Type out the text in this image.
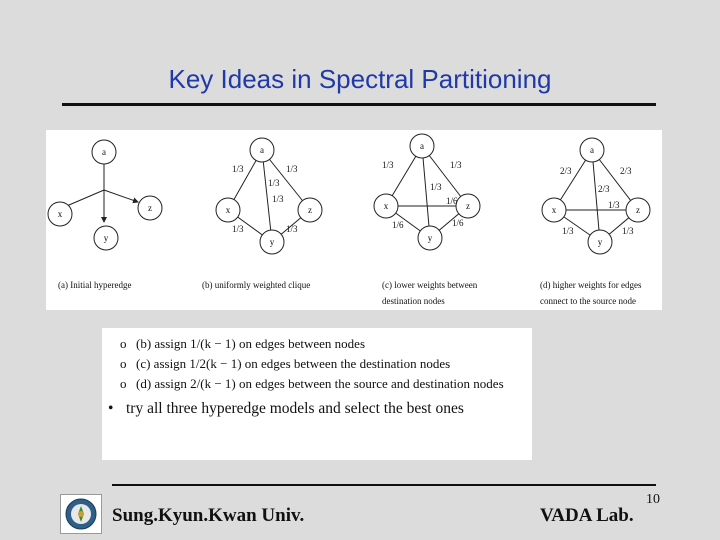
Key Ideas in Spectral Partitioning
a
x
y
z
(a) Initial hyperedge
a
x
y
z
1/3	1/3
1/3
1/3
1/3	1/3
(b) uniformly weighted clique
a
x
y
z
1/3	1/3
1/3
1/6
1/6	1/6
(c) lower weights between
destination nodes
a
x
y
z
2/3	2/3
2/3
1/3
1/3	1/3
(d) higher weights for edges
connect to the source node
o (b) assign 1/(k − 1) on edges between nodes
o (c) assign 1/2(k − 1) on edges between the destination nodes
o (d) assign 2/(k − 1) on edges between the source and destination nodes
• try all three hyperedge models and select the best ones
Sung.Kyun.Kwan Univ.	VADA Lab.
10
